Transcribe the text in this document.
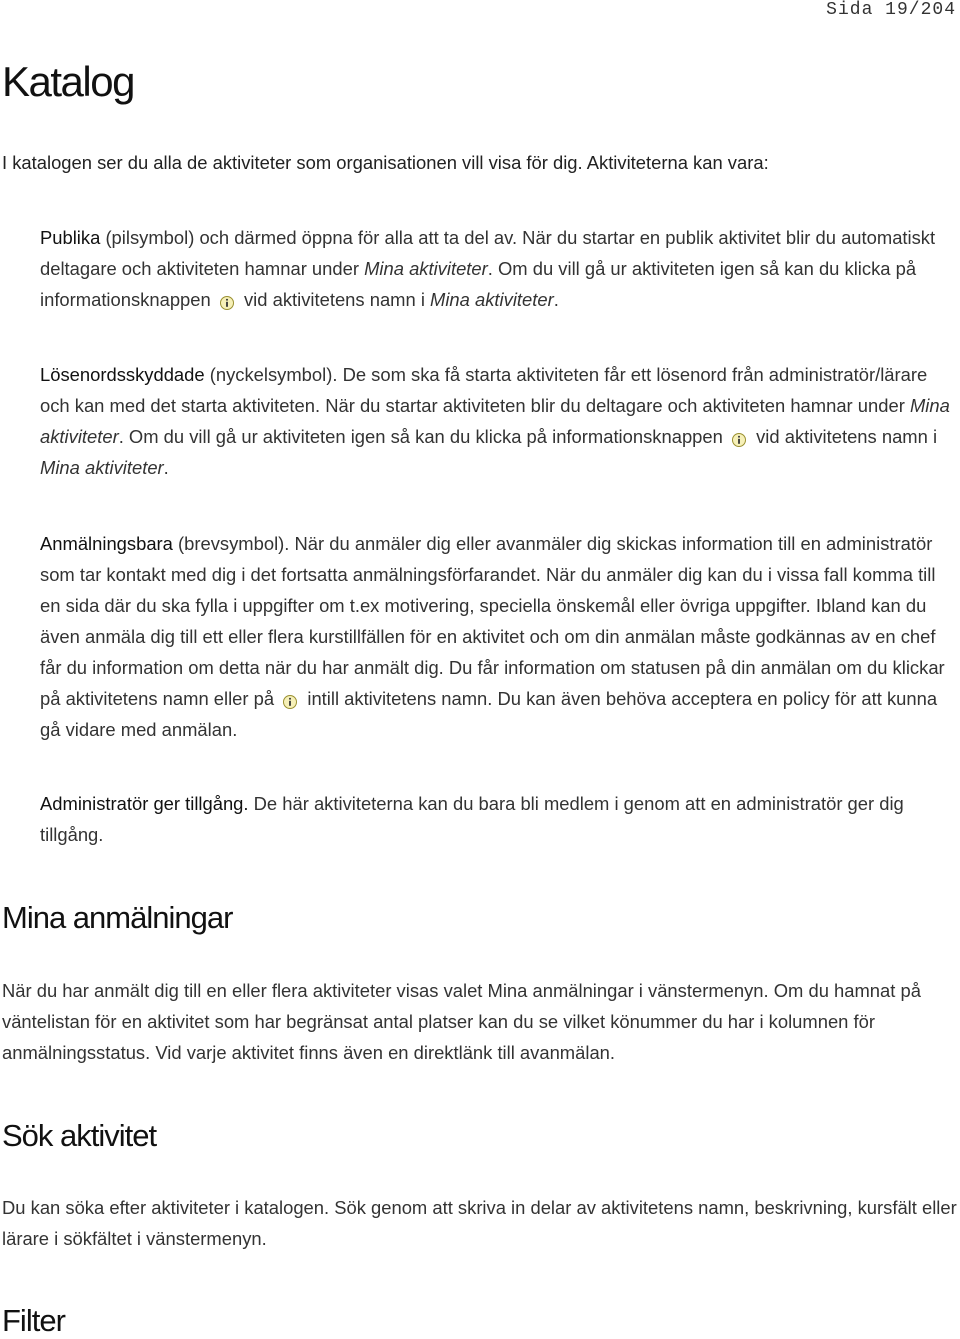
Sida 19/204
Katalog
I katalogen ser du alla de aktiviteter som organisationen vill visa för dig. Aktiviteterna kan vara:
Publika (pilsymbol) och därmed öppna för alla att ta del av. När du startar en publik aktivitet blir du automatiskt deltagare och aktiviteten hamnar under Mina aktiviteter. Om du vill gå ur aktiviteten igen så kan du klicka på informationsknappen vid aktivitetens namn i Mina aktiviteter.
Lösenordsskyddade (nyckelsymbol). De som ska få starta aktiviteten får ett lösenord från administratör/lärare och kan med det starta aktiviteten. När du startar aktiviteten blir du deltagare och aktiviteten hamnar under Mina aktiviteter. Om du vill gå ur aktiviteten igen så kan du klicka på informationsknappen vid aktivitetens namn i Mina aktiviteter.
Anmälningsbara (brevsymbol). När du anmäler dig eller avanmäler dig skickas information till en administratör som tar kontakt med dig i det fortsatta anmälningsförfarandet. När du anmäler dig kan du i vissa fall komma till en sida där du ska fylla i uppgifter om t.ex motivering, speciella önskemål eller övriga uppgifter. Ibland kan du även anmäla dig till ett eller flera kurstillfällen för en aktivitet och om din anmälan måste godkännas av en chef får du information om detta när du har anmält dig. Du får information om statusen på din anmälan om du klickar på aktivitetens namn eller på intill aktivitetens namn. Du kan även behöva acceptera en policy för att kunna gå vidare med anmälan.
Administratör ger tillgång. De här aktiviteterna kan du bara bli medlem i genom att en administratör ger dig tillgång.
Mina anmälningar
När du har anmält dig till en eller flera aktiviteter visas valet Mina anmälningar i vänstermenyn. Om du hamnat på väntelistan för en aktivitet som har begränsat antal platser kan du se vilket könummer du har i kolumnen för anmälningsstatus. Vid varje aktivitet finns även en direktlänk till avanmälan.
Sök aktivitet
Du kan söka efter aktiviteter i katalogen. Sök genom att skriva in delar av aktivitetens namn, beskrivning, kursfält eller lärare i sökfältet i vänstermenyn.
Filter
